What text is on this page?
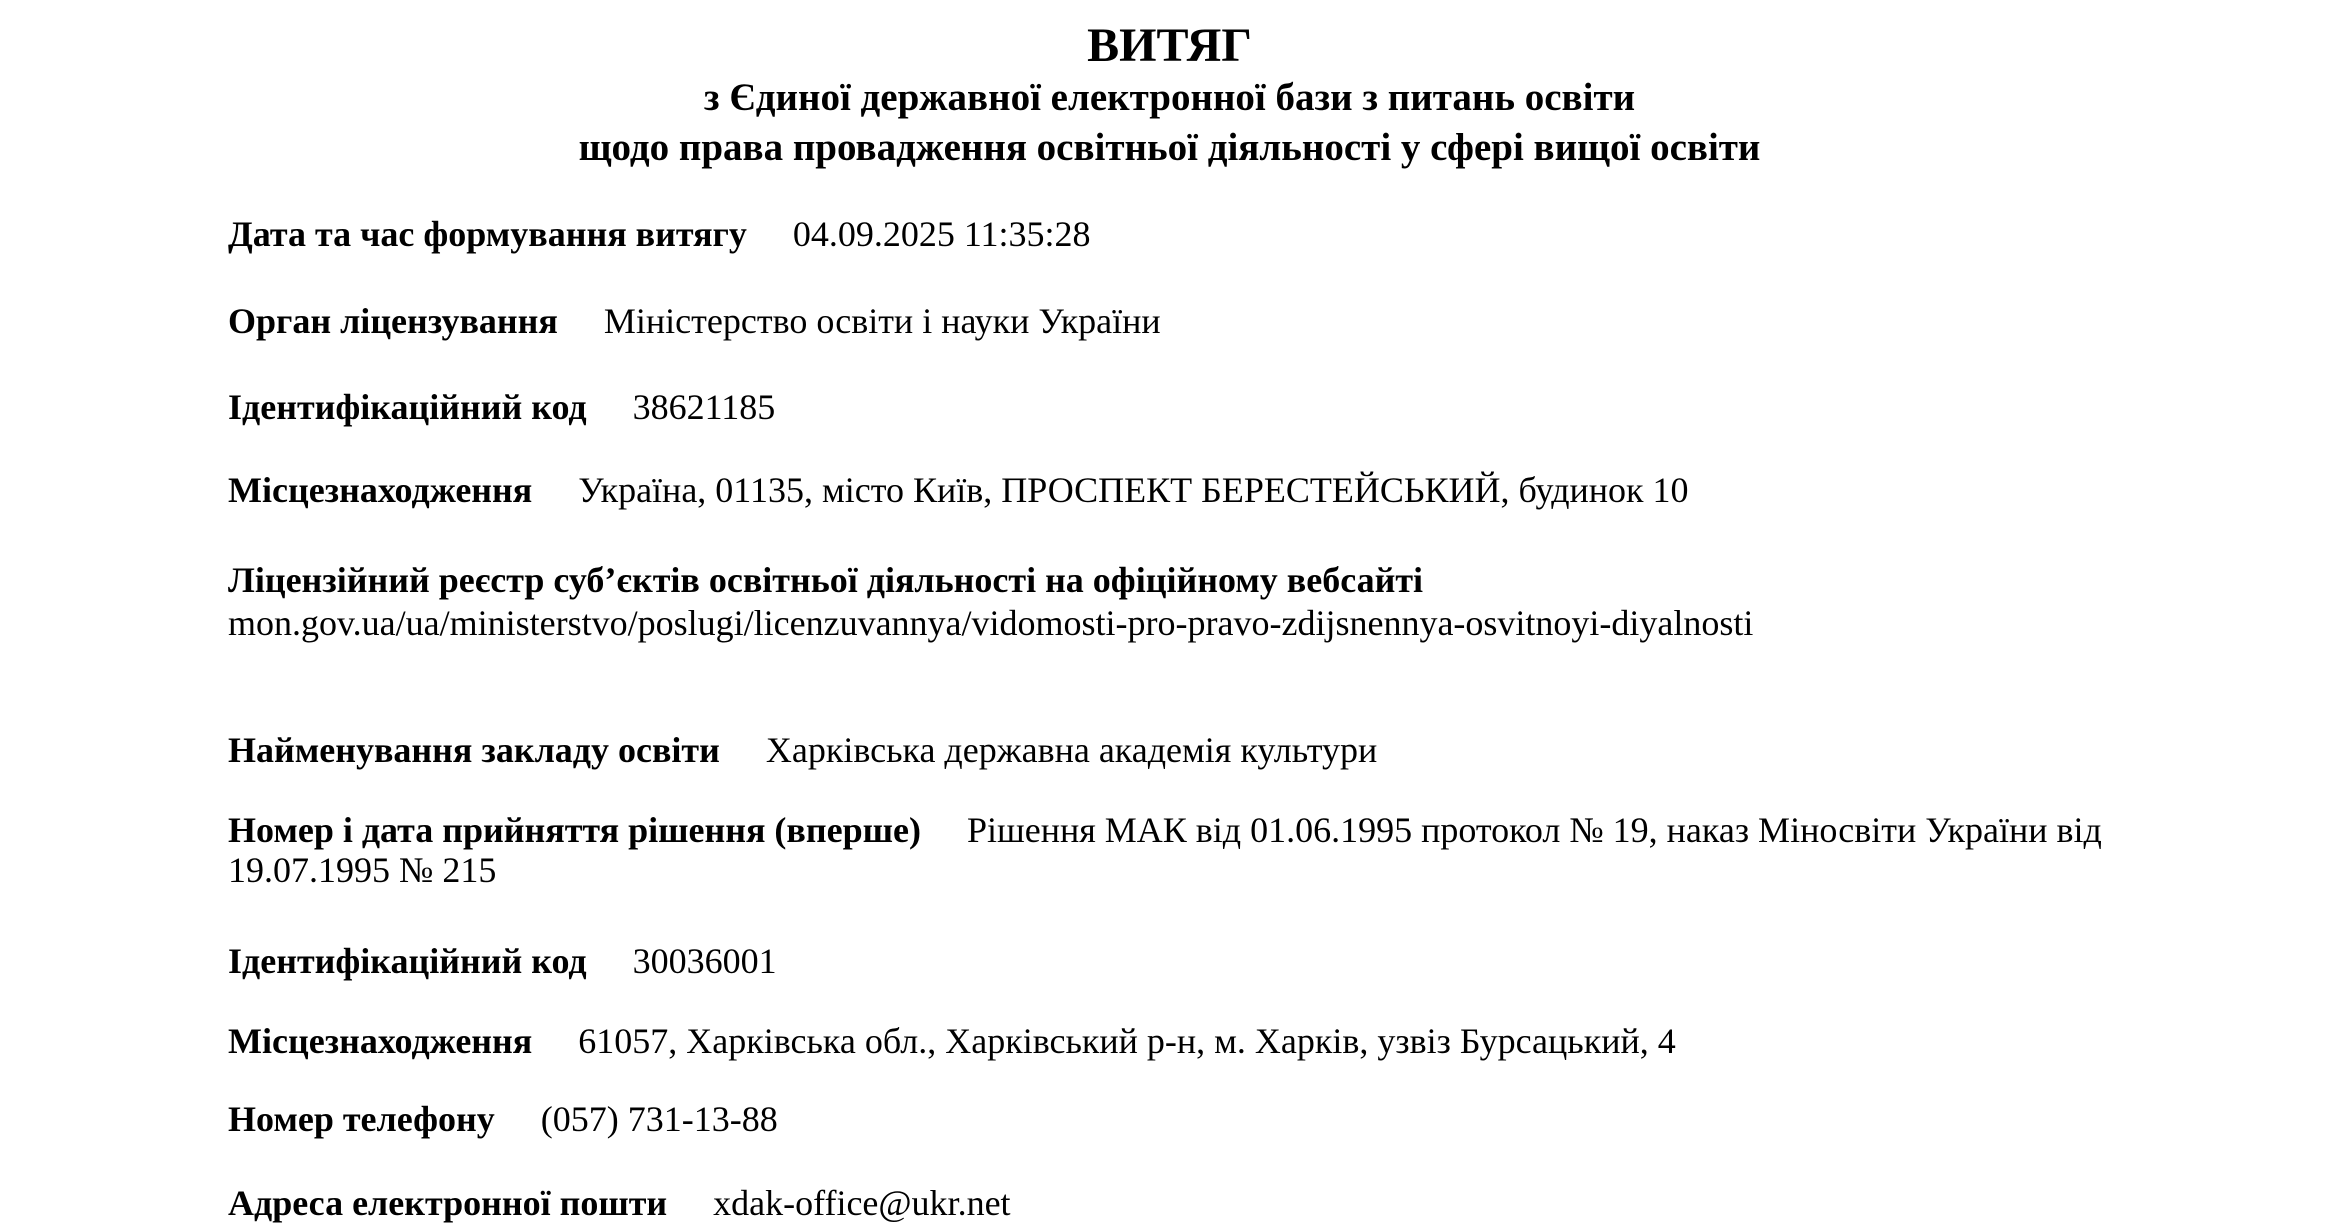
ВИТЯГ
з Єдиної державної електронної бази з питань освіти
щодо права провадження освітньої діяльності у сфері вищої освіти
Дата та час формування витягу 04.09.2025 11:35:28
Орган ліцензування Міністерство освіти і науки України
Ідентифікаційний код 38621185
Місцезнаходження Україна, 01135, місто Київ, ПРОСПЕКТ БЕРЕСТЕЙСЬКИЙ, будинок 10
Ліцензійний реєстр суб’єктів освітньої діяльності на офіційному вебсайті
mon.gov.ua/ua/ministerstvo/poslugi/licenzuvannya/vidomosti-pro-pravo-zdijsnennya-osvitnoyi-diyalnosti
Найменування закладу освіти Харківська державна академія культури
Номер і дата прийняття рішення (вперше) Рішення МАК від 01.06.1995 протокол № 19, наказ Міносвіти України від 19.07.1995 № 215
Ідентифікаційний код 30036001
Місцезнаходження 61057, Харківська обл., Харківський р-н, м. Харків, узвіз Бурсацький, 4
Номер телефону (057) 731-13-88
Адреса електронної пошти xdak-office@ukr.net
